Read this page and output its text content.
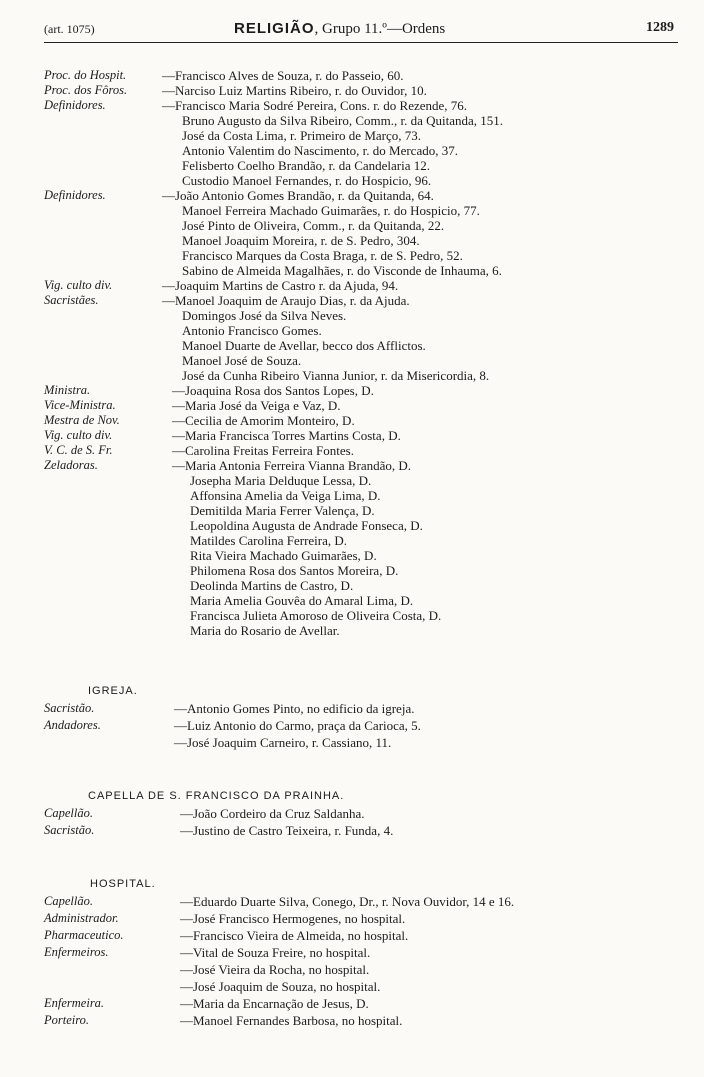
(art. 1075)	RELIGIÃO, Grupo 11.º—Ordens	1289
Proc. do Hospit.	—Francisco Alves de Souza, r. do Passeio, 60.
Proc. dos Fôros.	—Narciso Luiz Martins Ribeiro, r. do Ouvidor, 10.
Definidores.	—Francisco Maria Sodré Pereira, Cons. r. do Rezende, 76.
Bruno Augusto da Silva Ribeiro, Comm., r. da Quitanda, 151.
José da Costa Lima, r. Primeiro de Março, 73.
Antonio Valentim do Nascimento, r. do Mercado, 37.
Felisberto Coelho Brandão, r. da Candelaria 12.
Custodio Manoel Fernandes, r. do Hospicio, 96.
Definidores.	—João Antonio Gomes Brandão, r. da Quitanda, 64.
Manoel Ferreira Machado Guimarães, r. do Hospicio, 77.
José Pinto de Oliveira, Comm., r. da Quitanda, 22.
Manoel Joaquim Moreira, r. de S. Pedro, 304.
Francisco Marques da Costa Braga, r. de S. Pedro, 52.
Sabino de Almeida Magalhães, r. do Visconde de Inhauma, 6.
Vig. culto div.	—Joaquim Martins de Castro r. da Ajuda, 94.
Sacristães.	—Manoel Joaquim de Araujo Dias, r. da Ajuda.
Domingos José da Silva Neves.
Antonio Francisco Gomes.
Manoel Duarte de Avellar, becco dos Afflictos.
Manoel José de Souza.
José da Cunha Ribeiro Vianna Junior, r. da Misericordia, 8.
Ministra.	—Joaquina Rosa dos Santos Lopes, D.
Vice-Ministra.	—Maria José da Veiga e Vaz, D.
Mestra de Nov.	—Cecilia de Amorim Monteiro, D.
Vig. culto div.	—Maria Francisca Torres Martins Costa, D.
V. C. de S. Fr.	—Carolina Freitas Ferreira Fontes.
Zeladoras.	—Maria Antonia Ferreira Vianna Brandão, D.
Josepha Maria Delduque Lessa, D.
Affonsina Amelia da Veiga Lima, D.
Demitilda Maria Ferrer Valença, D.
Leopoldina Augusta de Andrade Fonseca, D.
Matildes Carolina Ferreira, D.
Rita Vieira Machado Guimarães, D.
Philomena Rosa dos Santos Moreira, D.
Deolinda Martins de Castro, D.
Maria Amelia Gouvêa do Amaral Lima, D.
Francisca Julieta Amoroso de Oliveira Costa, D.
Maria do Rosario de Avellar.
IGREJA.
Sacristão.	—Antonio Gomes Pinto, no edificio da igreja.
Andadores.	—Luiz Antonio do Carmo, praça da Carioca, 5.
—José Joaquim Carneiro, r. Cassiano, 11.
CAPELLA DE S. FRANCISCO DA PRAINHA.
Capellão.	—João Cordeiro da Cruz Saldanha.
Sacristão.	—Justino de Castro Teixeira, r. Funda, 4.
HOSPITAL.
Capellão.	—Eduardo Duarte Silva, Conego, Dr., r. Nova Ouvidor, 14 e 16.
Administrador.	—José Francisco Hermogenes, no hospital.
Pharmaceutico.	—Francisco Vieira de Almeida, no hospital.
Enfermeiros.	—Vital de Souza Freire, no hospital.
—José Vieira da Rocha, no hospital.
—José Joaquim de Souza, no hospital.
Enfermeira.	—Maria da Encarnação de Jesus, D.
Porteiro.	—Manoel Fernandes Barbosa, no hospital.
